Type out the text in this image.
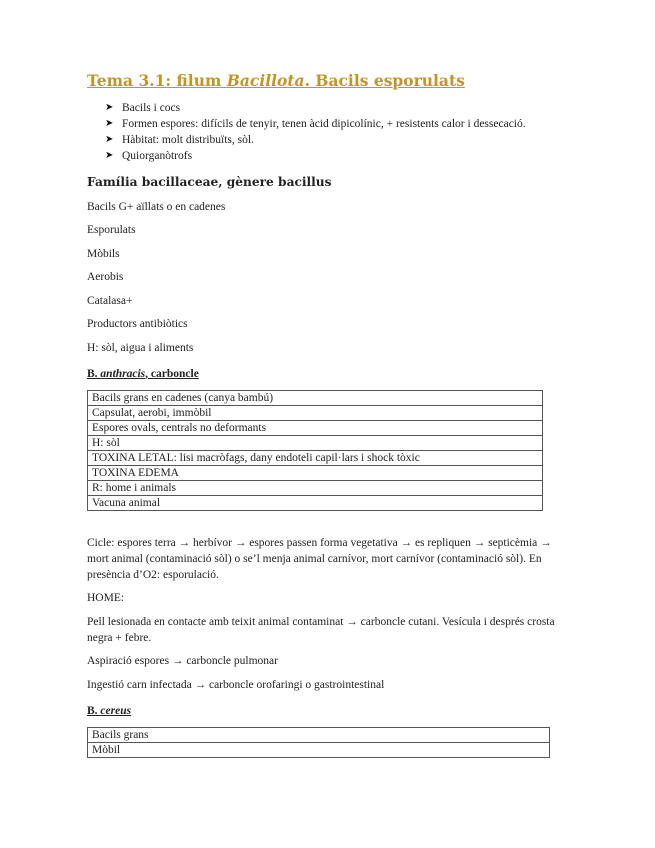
Tema 3.1: filum Bacillota. Bacils esporulats
➤ Bacils i cocs
➤ Formen espores: difícils de tenyir, tenen àcid dipicolínic, + resistents calor i dessecació.
➤ Hàbitat: molt distribuïts, sòl.
➤ Quiorganòtrofs
Família bacillaceae, gènere bacillus

Bacils G+ aïllats o en cadenes

Esporulats

Mòbils

Aerobis

Catalasa+

Productors antibiòtics

H: sòl, aigua i aliments

B. anthracis, carboncle

Bacils grans en cadenes (canya bambú)
Capsulat, aerobi, immòbil
Espores ovals, centrals no deformants
H: sòl
TOXINA LETAL: lisi macròfags, dany endoteli capil·lars i shock tòxic
TOXINA EDEMA
R: home i animals
Vacuna animal

Cicle: espores terra → herbívor → espores passen forma vegetativa → es repliquen → septicèmia → mort animal (contaminació sòl) o se’l menja animal carnívor, mort carnívor (contaminació sòl). En presència d’O2: esporulació.

HOME:

Pell lesionada en contacte amb teixit animal contaminat → carboncle cutani. Vesícula i després crosta negra + febre.

Aspiració espores → carboncle pulmonar

Ingestió carn infectada → carboncle orofaringi o gastrointestinal

B. cereus

Bacils grans
Mòbil
